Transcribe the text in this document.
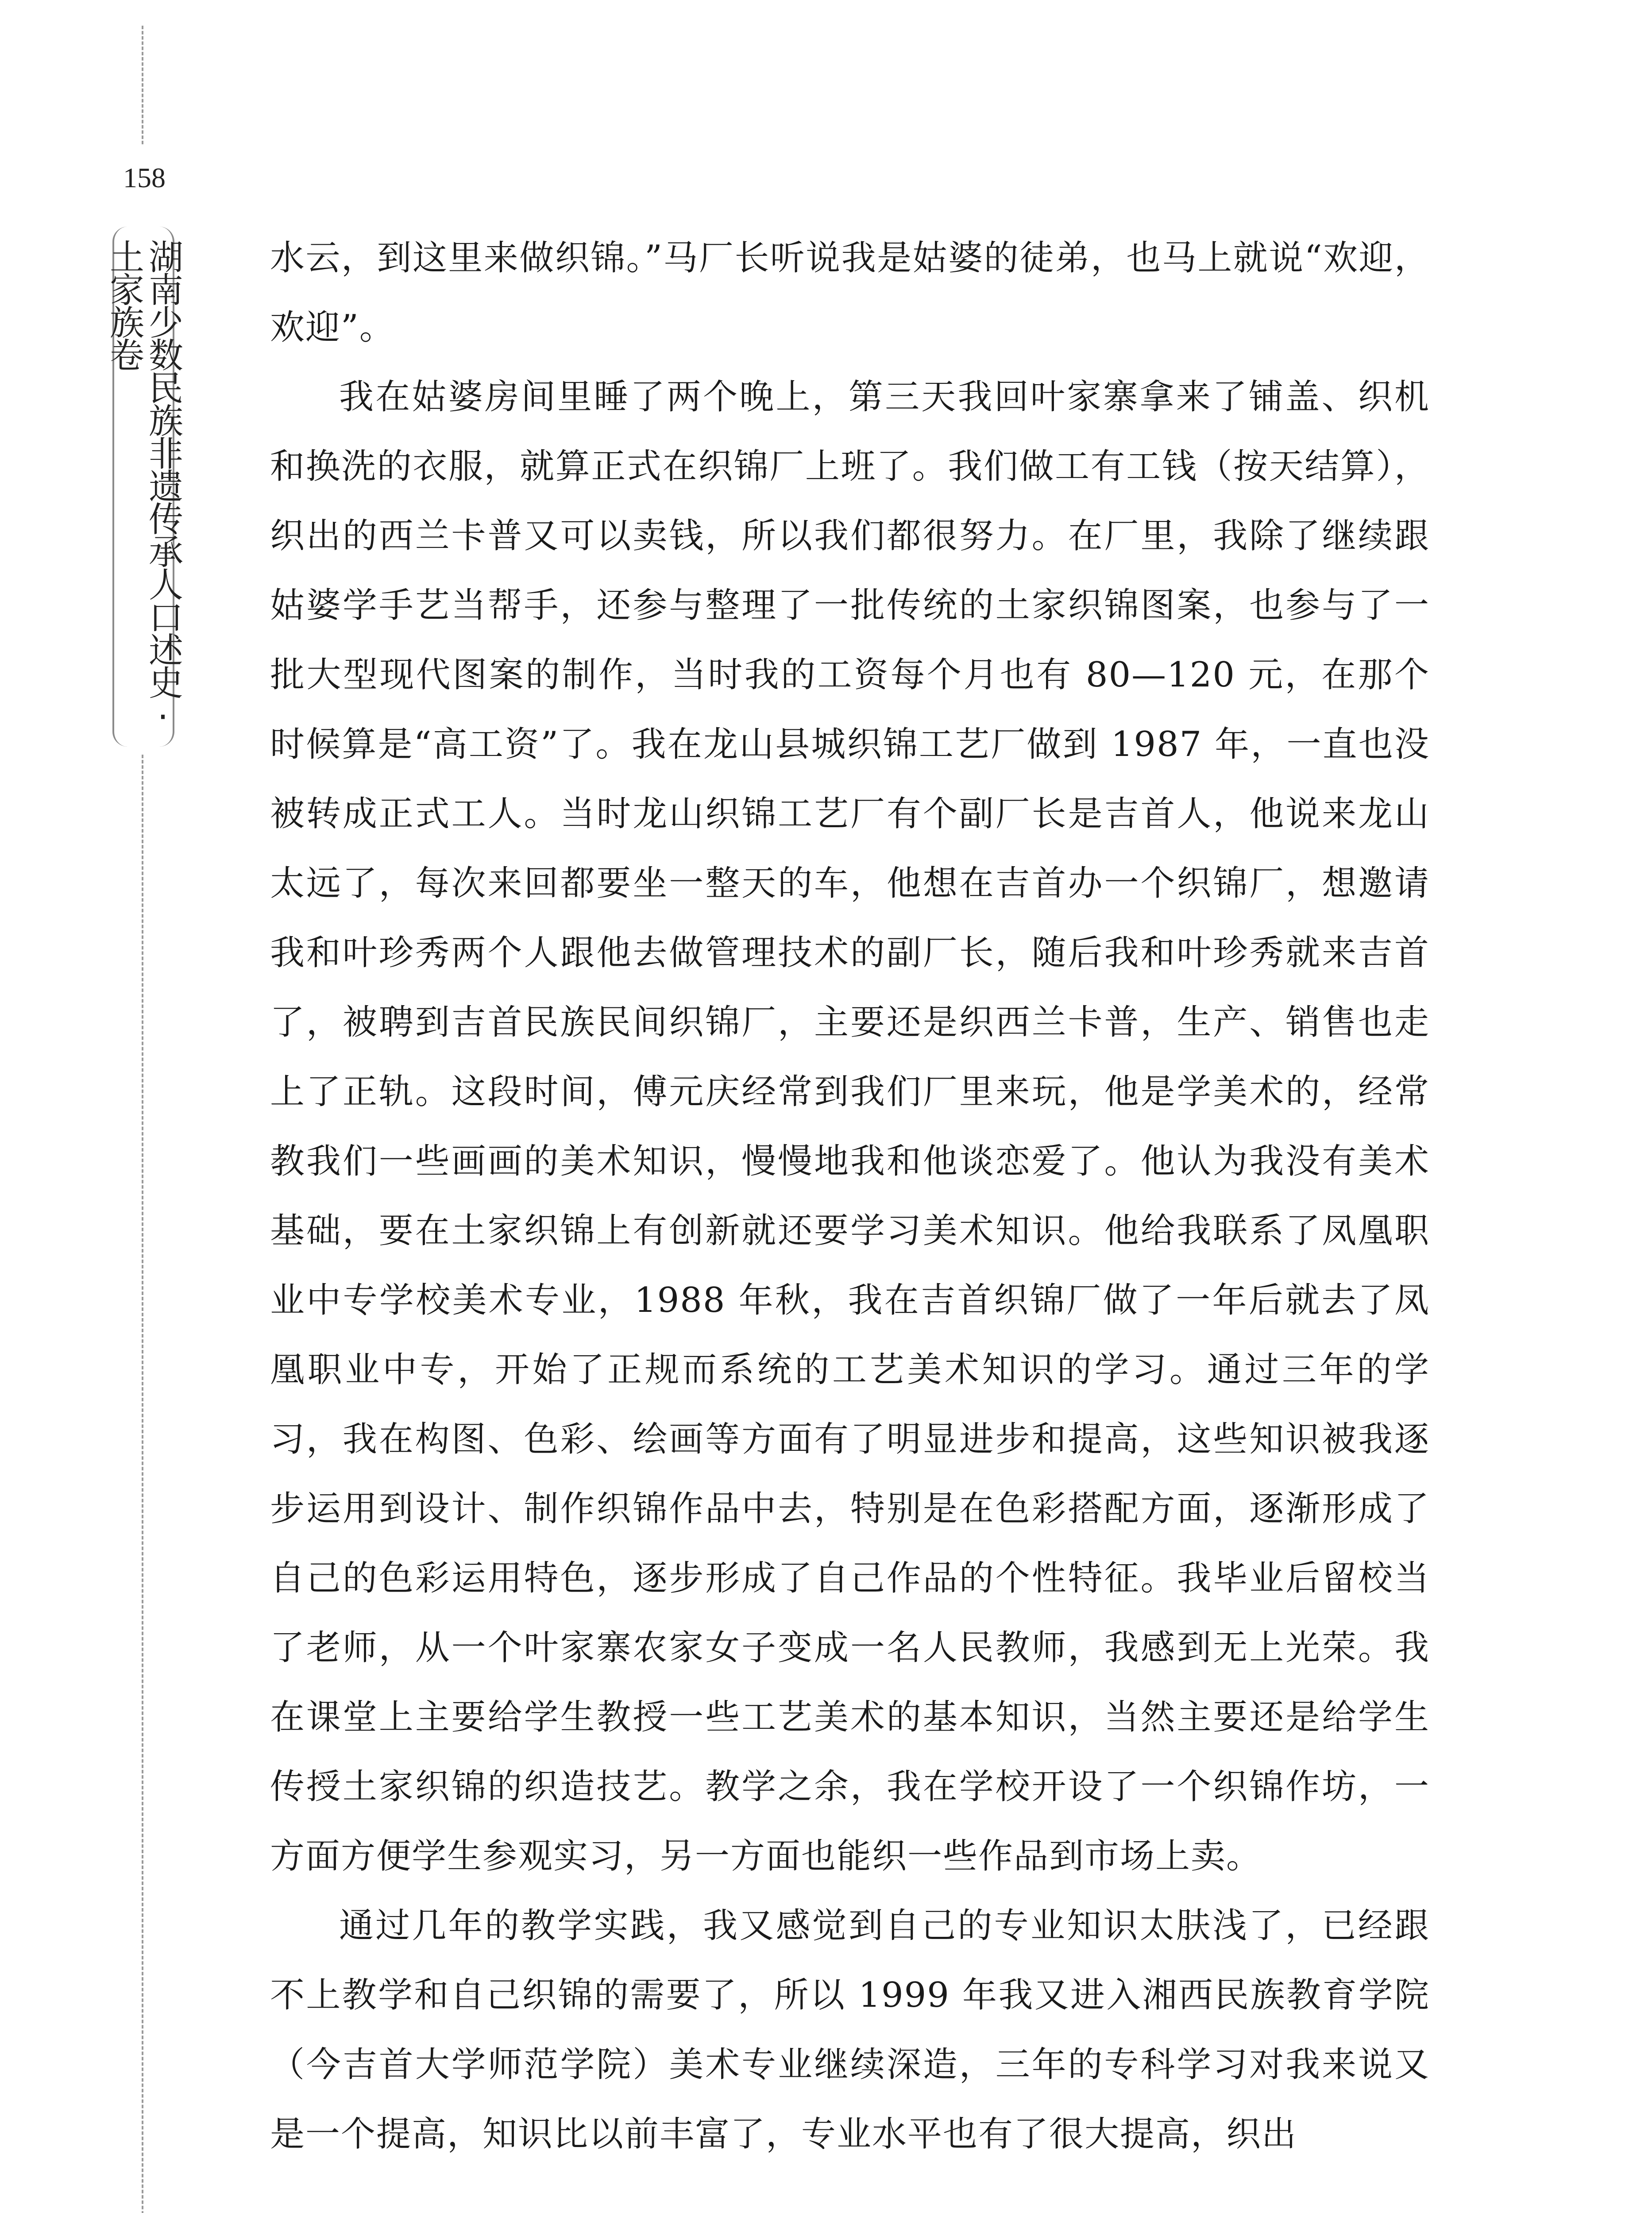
158
湖南少数民族非遗传承人口述史·土家族卷	水云，到这里来做织锦。”马厂长听说我是姑婆的徒弟，也马上就说“欢迎，欢迎”。

我在姑婆房间里睡了两个晚上，第三天我回叶家寨拿来了铺盖、织机和换洗的衣服，就算正式在织锦厂上班了。我们做工有工钱（按天结算），织出的西兰卡普又可以卖钱，所以我们都很努力。在厂里，我除了继续跟姑婆学手艺当帮手，还参与整理了一批传统的土家织锦图案，也参与了一批大型现代图案的制作，当时我的工资每个月也有 80—120 元，在那个时候算是“高工资”了。我在龙山县城织锦工艺厂做到 1987 年，一直也没被转成正式工人。当时龙山织锦工艺厂有个副厂长是吉首人，他说来龙山太远了，每次来回都要坐一整天的车，他想在吉首办一个织锦厂，想邀请我和叶珍秀两个人跟他去做管理技术的副厂长，随后我和叶珍秀就来吉首了，被聘到吉首民族民间织锦厂，主要还是织西兰卡普，生产、销售也走上了正轨。这段时间，傅元庆经常到我们厂里来玩，他是学美术的，经常教我们一些画画的美术知识，慢慢地我和他谈恋爱了。他认为我没有美术基础，要在土家织锦上有创新就还要学习美术知识。他给我联系了凤凰职业中专学校美术专业，1988 年秋，我在吉首织锦厂做了一年后就去了凤凰职业中专，开始了正规而系统的工艺美术知识的学习。通过三年的学习，我在构图、色彩、绘画等方面有了明显进步和提高，这些知识被我逐步运用到设计、制作织锦作品中去，特别是在色彩搭配方面，逐渐形成了自己的色彩运用特色，逐步形成了自己作品的个性特征。我毕业后留校当了老师，从一个叶家寨农家女子变成一名人民教师，我感到无上光荣。我在课堂上主要给学生教授一些工艺美术的基本知识，当然主要还是给学生传授土家织锦的织造技艺。教学之余，我在学校开设了一个织锦作坊，一方面方便学生参观实习，另一方面也能织一些作品到市场上卖。

通过几年的教学实践，我又感觉到自己的专业知识太肤浅了，已经跟不上教学和自己织锦的需要了，所以 1999 年我又进入湘西民族教育学院（今吉首大学师范学院）美术专业继续深造，三年的专科学习对我来说又是一个提高，知识比以前丰富了，专业水平也有了很大提高，织出
